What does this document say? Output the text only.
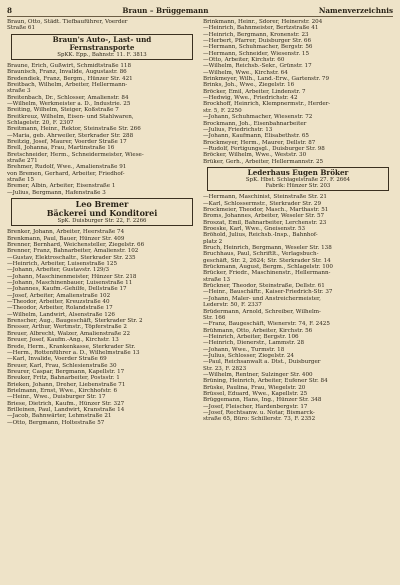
8	Braun – Brüggemann	Namenverzeichnis
Braun, Otto, Städt. Tiefbauführer, Voerder
Straße 61
Braun's Auto-, Last- und
Fernstransporte
SpKK. Epp., Bahnstr. 11. F. 3813
Braune, Erich, Gußwirt, Schmidtstraße 118
Braunisch, Franz, Invalide, Augustastr. 86
Bredendiek, Franz, Bergm., Hünzer Str. 421
Breitbach, Wilhelm, Arbeiter, Hellermann-
straße 3
Breitenbach, Dr., Schlosser, Amalienstr. 84
—Wilhelm, Werkmeister a. D., Industrie. 25
Breiting, Wilhelm, Steiger, Koßstraße 7
Breitkreuz, Wilhelm, Eisen- und Stahlwaren,
Schlagelstr. 20, F. 2307
Breitmann, Heinr., Rektor, Steinstraße Str. 266
—Maria, geb. Ahrweiler, Sterkrader Str. 288
Breitzig, Josef, Maurer, Voerder Straße 17
Brell, Johanna, Frau, Martinstraße 16
Bretschneider, Herm., Schneidermeister, Wiese-
straße 271
Brehmer, Rudolf, Wwe., Amalienstraße 91
von Bremen, Gerhard, Arbeiter, Friedhof-
straße 15
Bremer, Albin, Arbeiter, Eisenstraße 1
—Julius, Bergmann, Hafenstraße 3
Leo Bremer
Bäckerei und Konditorei
SpK. Duisburger Str. 22, F. 2266
Brenker, Johann, Arbeiter, Heerstraße 74
Brenkmann, Paul, Bauer, Hünzer Str. 409
Brenner, Bernhard, Weichensteller, Ziegelstr. 66
Brenner, Franz, Bahnarbeiter, Amalienstr. 102
—Gustav, Elektroschaltr., Sterkrader Str. 235
—Heinrich, Arbeiter, Luisenstraße 125
—Johann, Arbeiter, Gustavstr. 129/3
—Johann, Maschinenmeister, Hünzer Str. 218
—Johann, Maschinenbauer, Luisenstraße 11
—Johannes, Kaufm.-Gehilfe, Dellstraße 17
—Josef, Arbeiter, Amalienstraße 102
—Theodor, Arbeiter, Kreuzstraße 40
—Theodor, Arbeiter, Rolandstraße 17
—Wilhelm, Landwirt, Alsenstraße 126
Brenscher, Aug., Baugeschäft, Sterkrader Str. 2
Bresser, Arthur, Wertmstr., Töpferstraße 2
Breuer, Albrecht, Walzer, Amalienstraße 22
Breuer, Josef, Kaufm.-Ang., Kirchstr. 13
Brede, Herm., Krankenkasse, Sterkrader Str.
—Herm., Rottenführer a. D., Wilhelmstraße 13
—Karl, Invalide, Voerder Straße 69
Breuer, Karl, Frau, Schlesienstraße 30
Breurer, Caspar, Bergmann, Kapellstr. 17
Breuker, Fritz, Bahnarbeiter, Postsstr. 1
Brieken, Johann, Dreher, Liebenstraße 71
Brielmann, Ernst, Wwe., Kirchhofstr. 6
—Heinr., Wwe., Duisburger Str. 17
Briese, Dietrich, Kaufm., Hünzer Str. 327
Brilleinen, Paul, Landwirt, Kranstraße 14
—Jacob, Bahnwärter, Lehmstraße 21
—Otto, Bergmann, Holtestraße 57
Brinkmann, Heinr., Sdorer, Heinerstr. 204
—Heinrich, Bahnmeister, Bertzstraße 41
—Heinrich, Bergmann, Kronenstr. 23
—Herbert, Pfarrer, Duisburger Str. 66
—Hermann, Schuhmacher, Bergstr. 56
—Hermann, Schneider, Wiesenstr. 15
—Otto, Arbeiter, Kirchstr. 60
—Wilhelm, Reichsb.-Sekr., Grünstr. 17
—Wilhelm, Wwe., Kirchstr. 64
Brinkmeyer, Wilh., Land.-Erw., Gartenstr. 79
Brinks, Joh., Wwe., Ziegelstr. 16
Bröcker, Emil, Arbeiter, Lindenstr. 7
—Hedwig, Wwe., Friedrichstr. 42
Brockhoff, Heinrich, Klempnermstr., Herder-
str. 5, F. 2250
—Johann, Schuhmacher, Wiesenstr. 72
Brockmann, Joh., Eisenbahnarbeiter
—Julius, Friedrichstr. 13
—Johann, Kaufmann, Elisabethstr. 65
Brockmeyer, Herm., Maurer, Dellstr. 87
—Rudolf, Fertigungsgl., Duisburger Str. 98
Bröcker, Wilhelm, Wwe., Weststr. 30
Brüker, Gerh., Arbeiter, Hellermannstr. 25
Lederhaus Eugen Bröker
SpK. Hbst. Schlagelstraße 27. F. 2664
Fabrik: Hünzer Str. 203
—Hermann, Maschinist, Steinstraße Str. 21
—Karl, Schlossermstr., Sterkrader Str. 29
Brockmeier, Theodor, Masch., Marthastr. 51
Broms, Johannes, Arbeiter, Weseler Str. 57
Broszat, Emil, Bahnarbeiter, Lerchenstr. 23
Broeske, Karl, Wwe., Gneisenstr. 53
Bröhold, Julius, Reichsb.-Insp., Bahnhof-
platz 2
Bruch, Heinrich, Bergmann, Weseler Str. 138
Bruchhaus, Paul, Schriftlt., Verlagsbuch-
geschäft, Str. 2, 2624; Str. Sterkrader Str. 14
Brückmann, August, Bergm., Schlagelstr. 100
Brücker, Friedr., Maschinenstr., Hellermann-
straße 13
Brückner, Theodor, Steinstraße, Dellstr. 61
—Heinr., Bauschäftr., Kaiser-Friedrich-Str. 37
—Johann, Maler- und Anstreichermeister,
Lederstr. 50, F. 2337
Brüdermann, Arnold, Schreiber, Wilhelm-
Str. 166
—Franz, Baugeschäft, Wienerstr. 74, F. 2425
Brühmann, Otto, Arbeiter, Kirchstr. 56
—Heinrich, Arbeiter, Bergstr. 106
—Heinrich, Dienerstr., Lammstr. 28
—Johann, Wwe., Turmstr. 18
—Julius, Schlosser, Ziegelstr. 24
—Paul, Reichsanwalt a. Dtst., Duisburger
Str. 23, F. 2823
—Wilhelm, Rentner, Sulzinger Str. 400
Brüning, Heinrich, Arbeiter, Eufener Str. 84
Brüske, Paulina, Frau, Wiegelstr. 20
Brüssel, Eduard, Wwe., Kapellstr. 25
Brüggemann, Hans, Ing., Hünzer Str. 348
—Josef, Fleischer, Hardenbergstr. 17
—Josef, Rechtsanw. u. Notar, Bismarck-
straße 65, Büro: Schillerstr. 73, F. 2352
